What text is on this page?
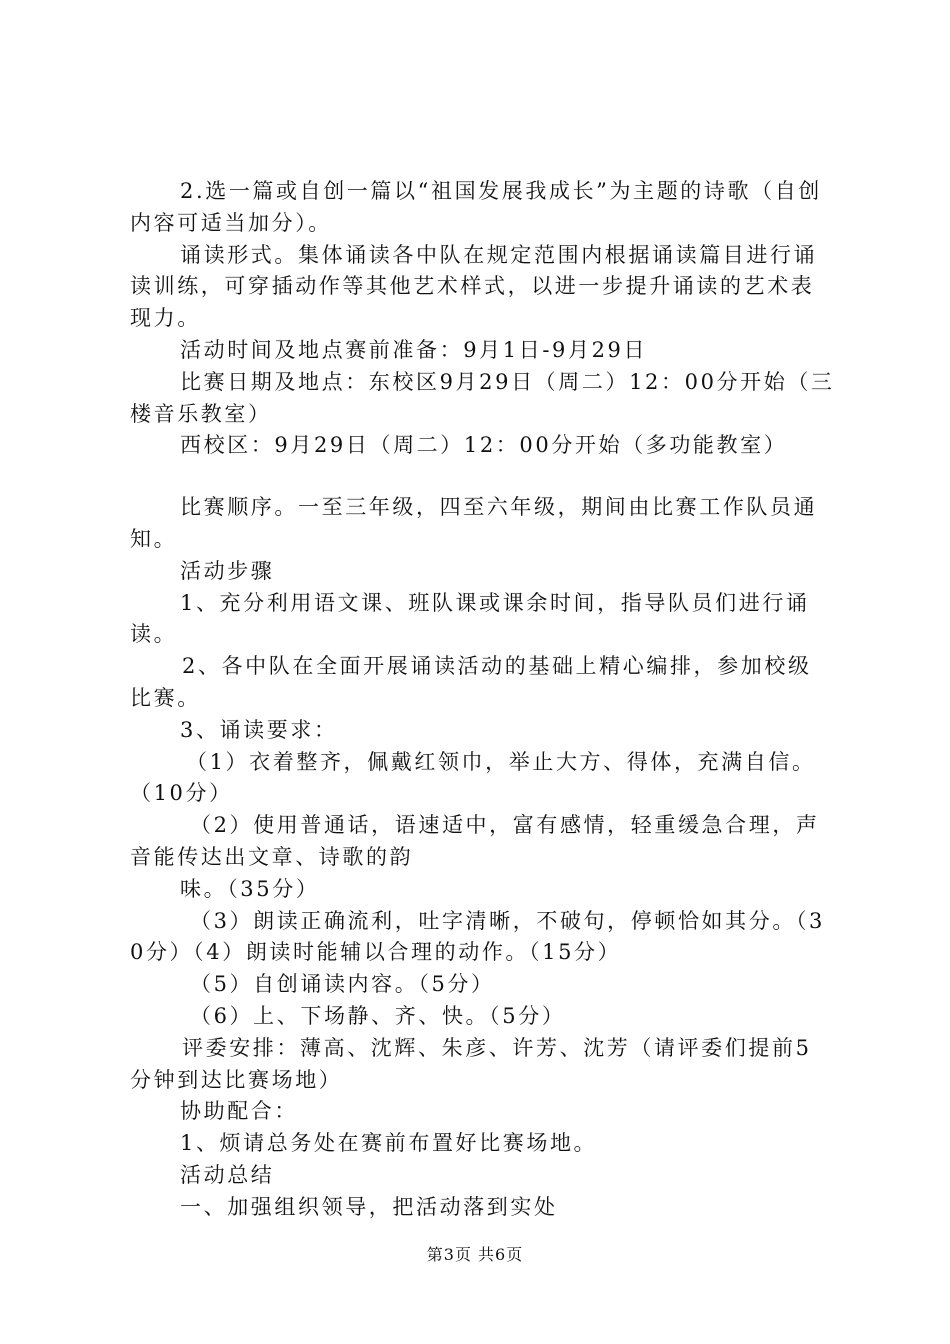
2.选一篇或自创一篇以“祖国发展我成长”为主题的诗歌（自创内容可适当加分）。

诵读形式。集体诵读各中队在规定范围内根据诵读篇目进行诵读训练，可穿插动作等其他艺术样式，以进一步提升诵读的艺术表现力。

活动时间及地点赛前准备：9月1日-9月29日

比赛日期及地点：东校区9月29日（周二）12：00分开始（三楼音乐教室）

西校区：9月29日（周二）12：00分开始（多功能教室）

比赛顺序。一至三年级，四至六年级，期间由比赛工作队员通知。

活动步骤

1、充分利用语文课、班队课或课余时间，指导队员们进行诵读。

2、各中队在全面开展诵读活动的基础上精心编排，参加校级比赛。

3、诵读要求：

（1）衣着整齐，佩戴红领巾，举止大方、得体，充满自信。（10分）

（2）使用普通话，语速适中，富有感情，轻重缓急合理，声音能传达出文章、诗歌的韵

味。（35分）

（3）朗读正确流利，吐字清晰，不破句，停顿恰如其分。（30分）（4）朗读时能辅以合理的动作。（15分）

（5）自创诵读内容。（5分）

（6）上、下场静、齐、快。（5分）

评委安排：薄高、沈辉、朱彦、许芳、沈芳（请评委们提前5分钟到达比赛场地）

协助配合：

1、烦请总务处在赛前布置好比赛场地。

活动总结

一、加强组织领导，把活动落到实处

第3页 共6页
